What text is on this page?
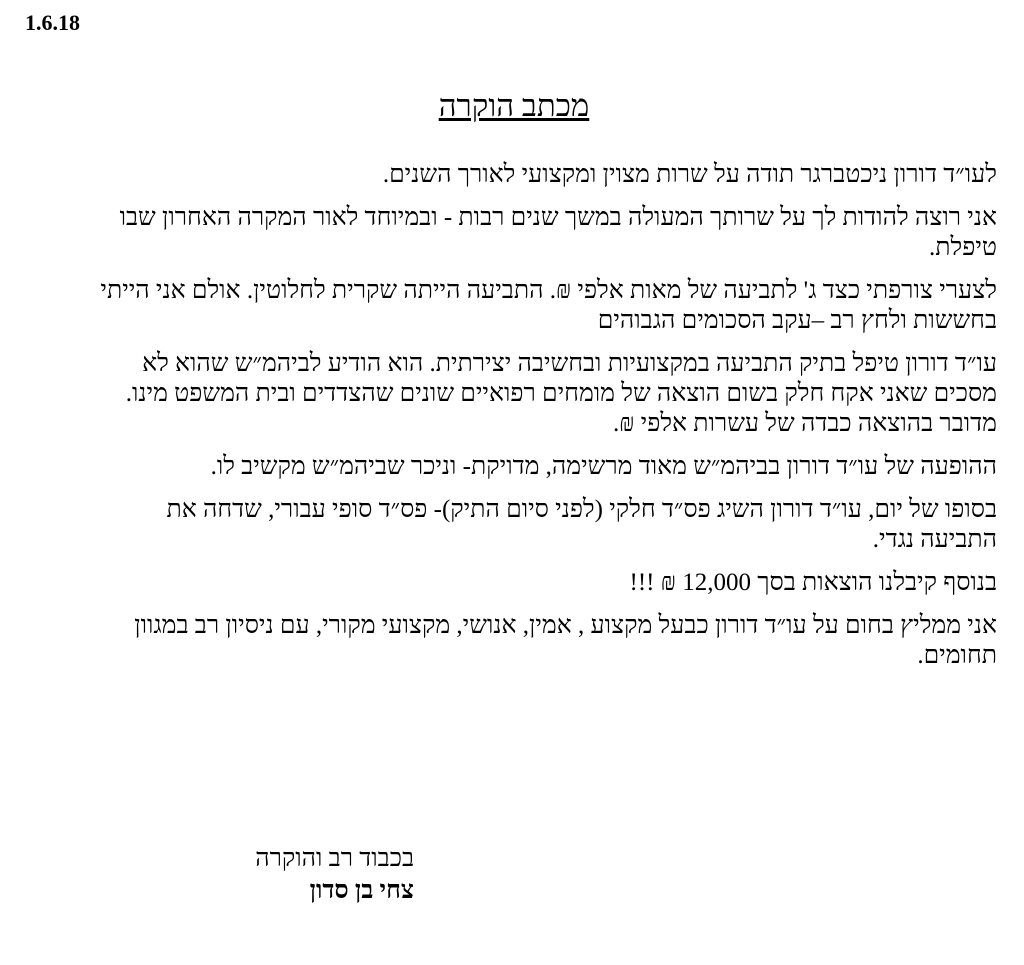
1.6.18
מכתב הוקרה

לעו״ד דורון ניכטברגר תודה על שרות מצוין ומקצועי לאורך השנים.

אני רוצה להודות לך על שרותך המעולה במשך שנים רבות - ובמיוחד לאור המקרה האחרון שבו טיפלת.

לצערי צורפתי כצד ג' לתביעה של מאות אלפי ₪. התביעה הייתה שקרית לחלוטין. אולם אני הייתי בחששות ולחץ רב –עקב הסכומים הגבוהים

עו״ד דורון טיפל בתיק התביעה במקצועיות ובחשיבה יצירתית. הוא הודיע לביהמ״ש שהוא לא מסכים שאני אקח חלק בשום הוצאה של מומחים רפואיים שונים שהצדדים ובית המשפט מינו. מדובר בהוצאה כבדה של עשרות אלפי ₪.

ההופעה של עו״ד דורון בביהמ״ש מאוד מרשימה, מדויקת- וניכר שביהמ״ש מקשיב לו.

בסופו של יום, עו״ד דורון השיג פס״ד חלקי (לפני סיום התיק)- פס״ד סופי עבורי, שדחה את התביעה נגדי.

בנוסף קיבלנו הוצאות בסך 12,000 ₪ !!!

אני ממליץ בחום על עו״ד דורון כבעל מקצוע , אמין, אנושי, מקצועי מקורי, עם ניסיון רב במגוון תחומים.

בכבוד רב והוקרה
צחי בן סדון
